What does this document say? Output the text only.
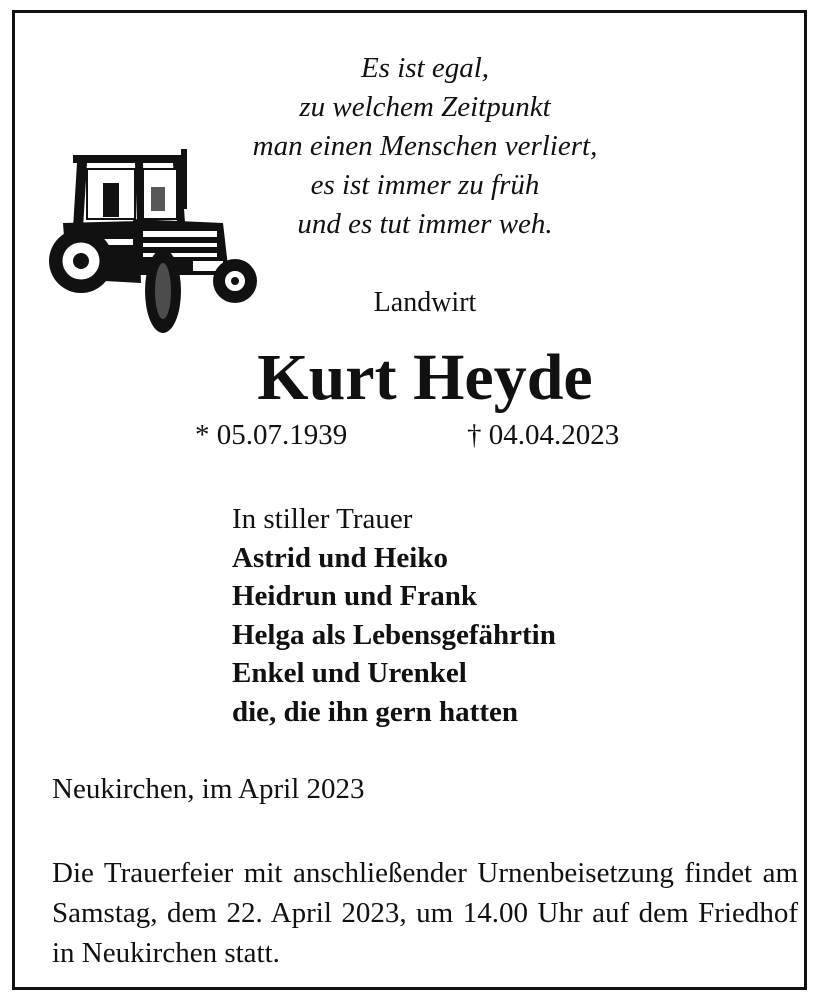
Es ist egal,
zu welchem Zeitpunkt
man einen Menschen verliert,
es ist immer zu früh
und es tut immer weh.
Landwirt
Kurt Heyde
* 05.07.1939	† 04.04.2023
In stiller Trauer
Astrid und Heiko
Heidrun und Frank
Helga als Lebensgefährtin
Enkel und Urenkel
die, die ihn gern hatten
Neukirchen, im April 2023
Die Trauerfeier mit anschließender Urnenbeisetzung findet am Samstag, dem 22. April 2023, um 14.00 Uhr auf dem Friedhof in Neukirchen statt.
